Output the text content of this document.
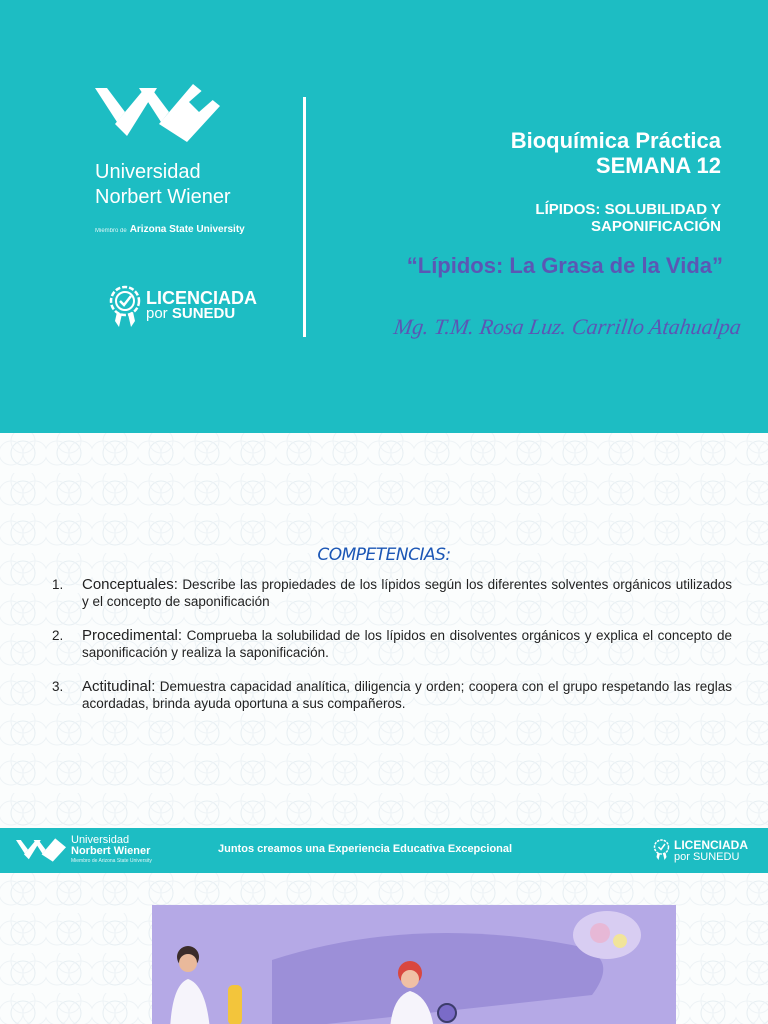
Universidad
Norbert Wiener
Miembro de Arizona State University
LICENCIADA
por SUNEDU
Bioquímica Práctica
SEMANA 12
LÍPIDOS: SOLUBILIDAD Y SAPONIFICACIÓN
“Lípidos: La Grasa de la Vida”
Mg. T.M. Rosa Luz. Carrillo Atahualpa
COMPETENCIAS:
1. Conceptuales: Describe las propiedades de los lípidos según los diferentes solventes orgánicos utilizados y el concepto de saponificación
2. Procedimental: Comprueba la solubilidad de los lípidos en disolventes orgánicos y explica el concepto de saponificación y realiza la saponificación.
3. Actitudinal: Demuestra capacidad analítica, diligencia y orden; coopera con el grupo respetando las reglas acordadas, brinda ayuda oportuna a sus compañeros.
Universidad
Norbert Wiener
Miembro de Arizona State University
Juntos creamos una Experiencia Educativa Excepcional	LICENCIADA
por SUNEDU
